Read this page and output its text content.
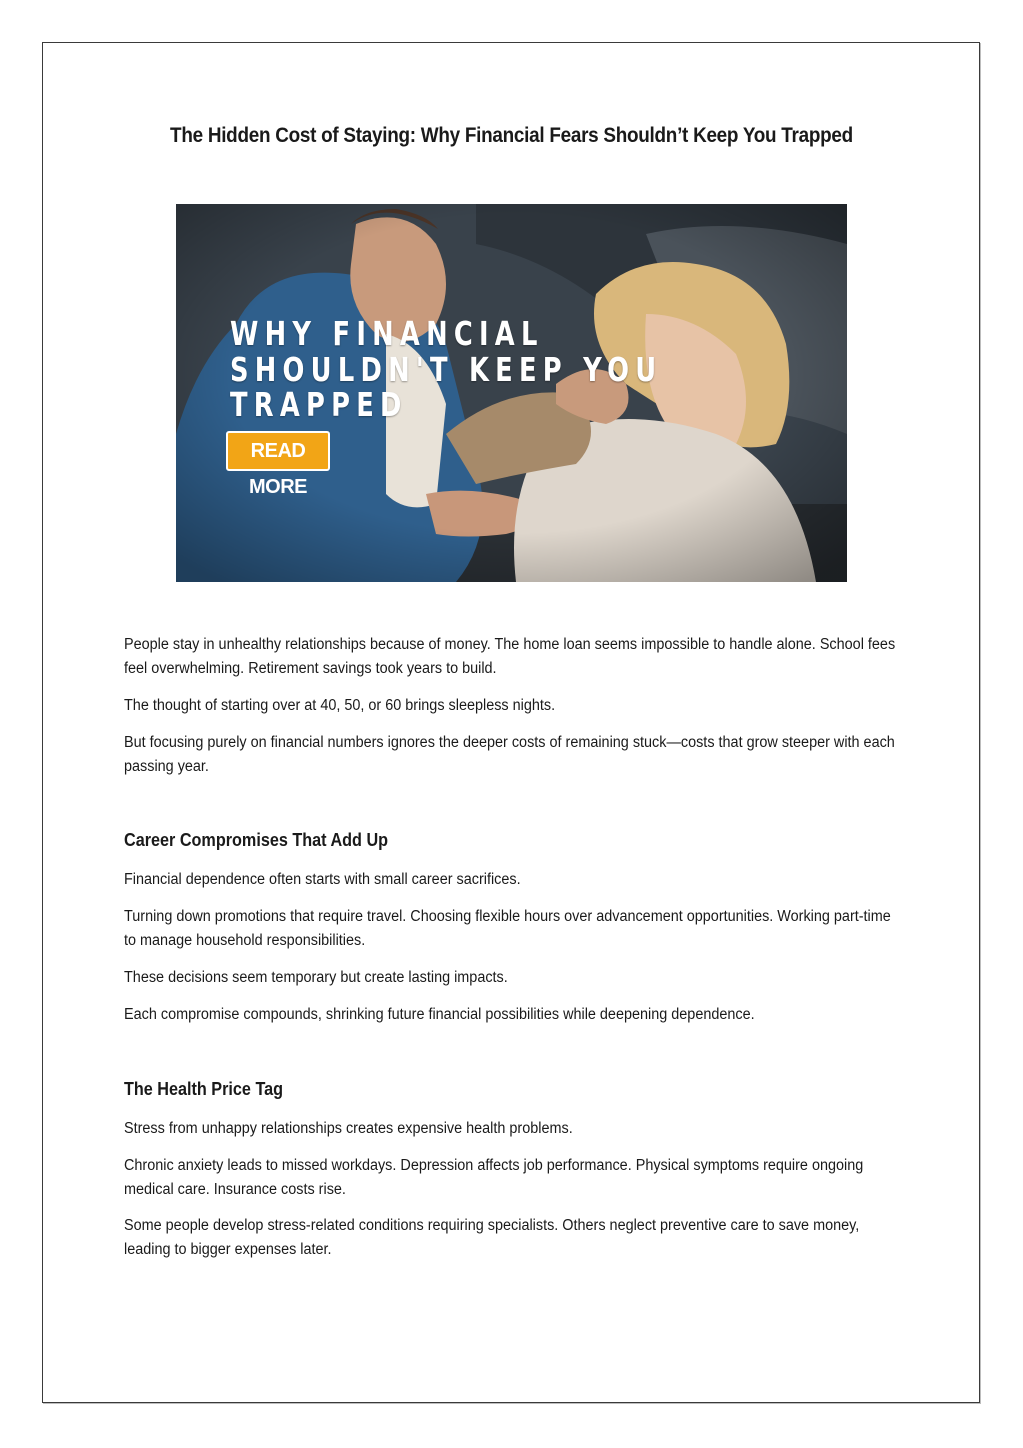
The Hidden Cost of Staying: Why Financial Fears Shouldn’t Keep You Trapped
WHY FINANCIAL
SHOULDN'T KEEP YOU
TRAPPED
READ MORE

People stay in unhealthy relationships because of money. The home loan seems impossible to handle alone. School fees feel overwhelming. Retirement savings took years to build.

The thought of starting over at 40, 50, or 60 brings sleepless nights.

But focusing purely on financial numbers ignores the deeper costs of remaining stuck—costs that grow steeper with each passing year.

Career Compromises That Add Up

Financial dependence often starts with small career sacrifices.

Turning down promotions that require travel. Choosing flexible hours over advancement opportunities. Working part-time to manage household responsibilities.

These decisions seem temporary but create lasting impacts.

Each compromise compounds, shrinking future financial possibilities while deepening dependence.

The Health Price Tag

Stress from unhappy relationships creates expensive health problems.

Chronic anxiety leads to missed workdays. Depression affects job performance. Physical symptoms require ongoing medical care. Insurance costs rise.

Some people develop stress-related conditions requiring specialists. Others neglect preventive care to save money, leading to bigger expenses later.
